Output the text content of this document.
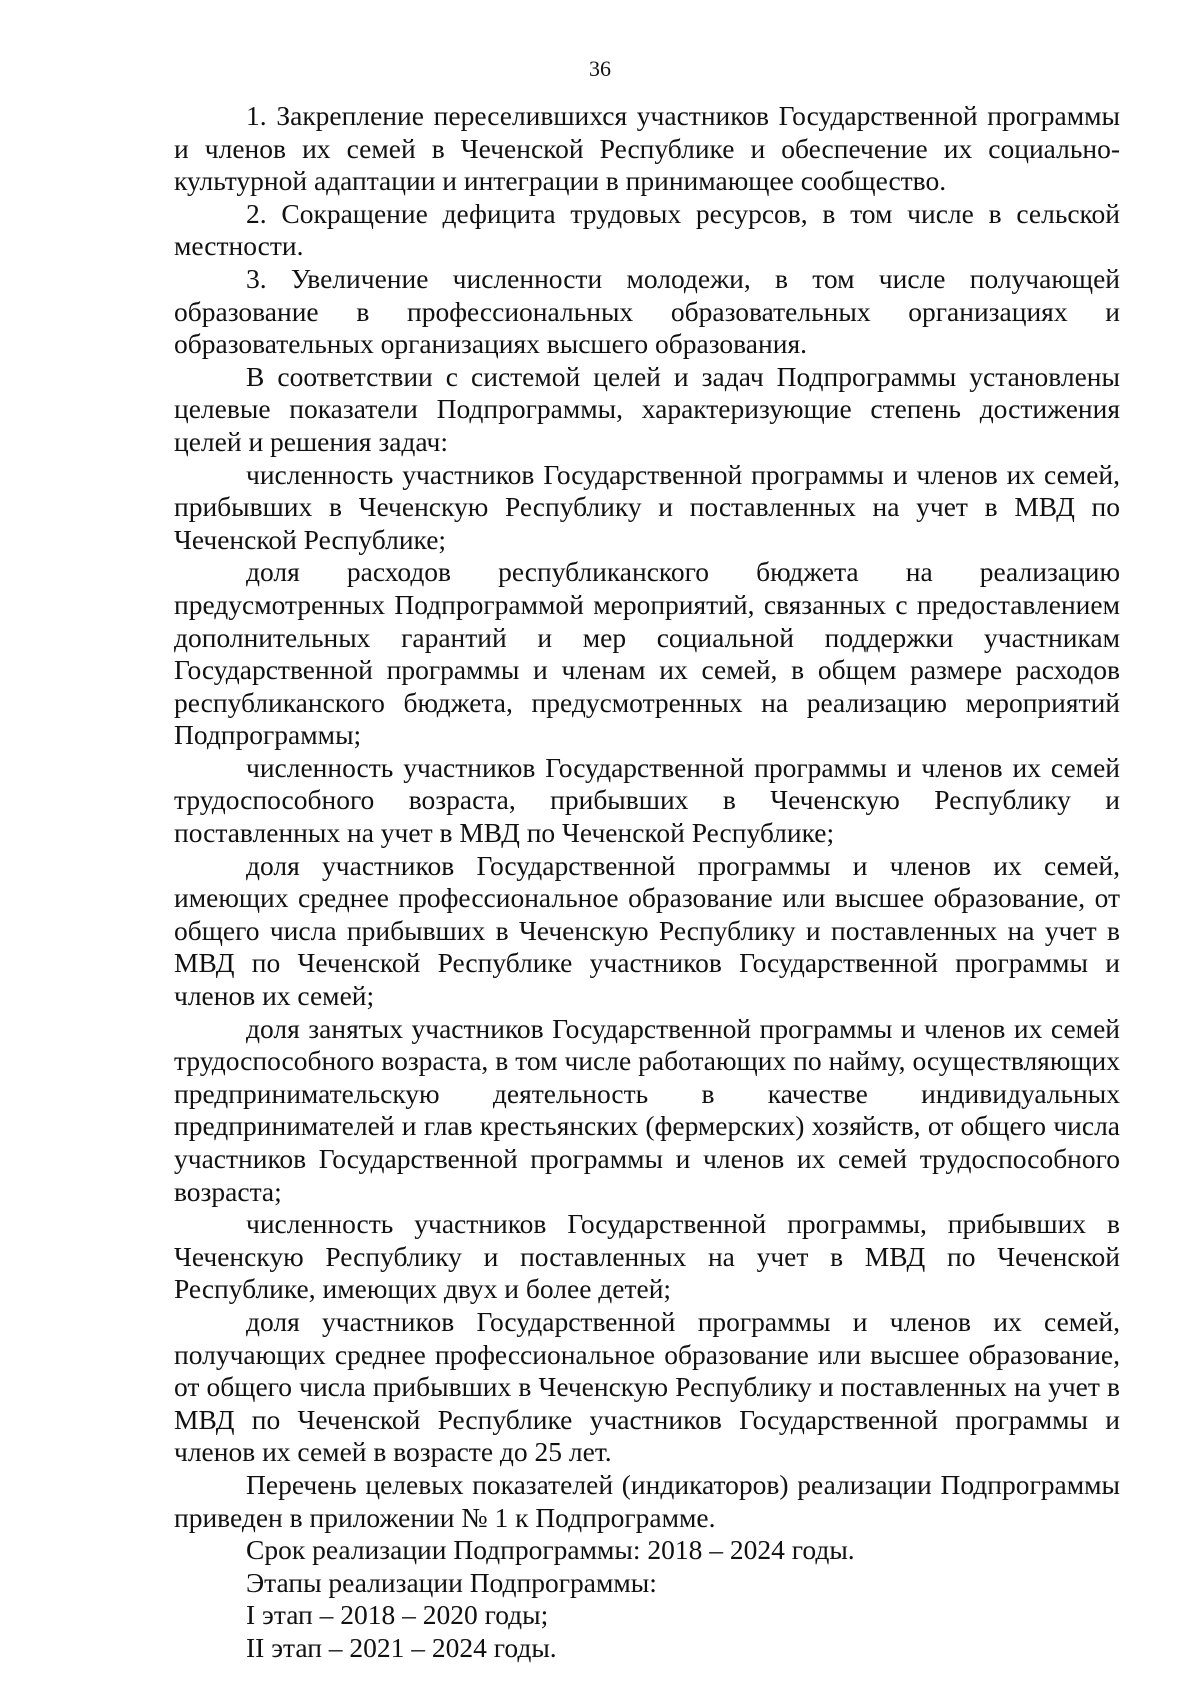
36

1. Закрепление переселившихся участников Государственной программы и членов их семей в Чеченской Республике и обеспечение их социально-культурной адаптации и интеграции в принимающее сообщество.

2. Сокращение дефицита трудовых ресурсов, в том числе в сельской местности.

3. Увеличение численности молодежи, в том числе получающей образование в профессиональных образовательных организациях и образовательных организациях высшего образования.

В соответствии с системой целей и задач Подпрограммы установлены целевые показатели Подпрограммы, характеризующие степень достижения целей и решения задач:

численность участников Государственной программы и членов их семей, прибывших в Чеченскую Республику и поставленных на учет в МВД по Чеченской Республике;

доля расходов республиканского бюджета на реализацию предусмотренных Подпрограммой мероприятий, связанных с предоставлением дополнительных гарантий и мер социальной поддержки участникам Государственной программы и членам их семей, в общем размере расходов республиканского бюджета, предусмотренных на реализацию мероприятий Подпрограммы;

численность участников Государственной программы и членов их семей трудоспособного возраста, прибывших в Чеченскую Республику и поставленных на учет в МВД по Чеченской Республике;

доля участников Государственной программы и членов их семей, имеющих среднее профессиональное образование или высшее образование, от общего числа прибывших в Чеченскую Республику и поставленных на учет в МВД по Чеченской Республике участников Государственной программы и членов их семей;

доля занятых участников Государственной программы и членов их семей трудоспособного возраста, в том числе работающих по найму, осуществляющих предпринимательскую деятельность в качестве индивидуальных предпринимателей и глав крестьянских (фермерских) хозяйств, от общего числа участников Государственной программы и членов их семей трудоспособного возраста;

численность участников Государственной программы, прибывших в Чеченскую Республику и поставленных на учет в МВД по Чеченской Республике, имеющих двух и более детей;

доля участников Государственной программы и членов их семей, получающих среднее профессиональное образование или высшее образование, от общего числа прибывших в Чеченскую Республику и поставленных на учет в МВД по Чеченской Республике участников Государственной программы и членов их семей в возрасте до 25 лет.

Перечень целевых показателей (индикаторов) реализации Подпрограммы приведен в приложении № 1 к Подпрограмме.

Срок реализации Подпрограммы: 2018 – 2024 годы.

Этапы реализации Подпрограммы:

I этап – 2018 – 2020 годы;

II этап – 2021 – 2024 годы.
